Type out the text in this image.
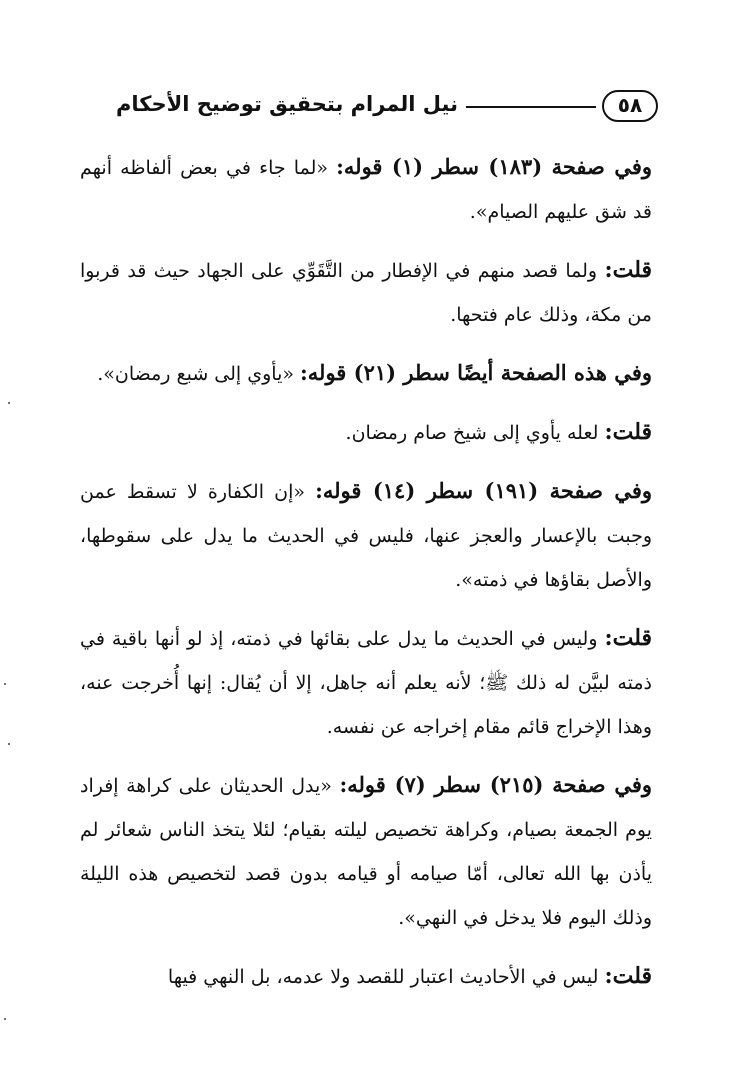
٥٨
نيل المرام بتحقيق توضيح الأحكام

وفي صفحة (١٨٣) سطر (١) قوله: «لما جاء في بعض ألفاظه أنهم قد شق عليهم الصيام».

قلت: ولما قصد منهم في الإفطار من التَّقَوِّي على الجهاد حيث قد قربوا من مكة، وذلك عام فتحها.

وفي هذه الصفحة أيضًا سطر (٢١) قوله: «يأوي إلى شبع رمضان».

قلت: لعله يأوي إلى شيخ صام رمضان.

وفي صفحة (١٩١) سطر (١٤) قوله: «إن الكفارة لا تسقط عمن وجبت بالإعسار والعجز عنها، فليس في الحديث ما يدل على سقوطها، والأصل بقاؤها في ذمته».

قلت: وليس في الحديث ما يدل على بقائها في ذمته، إذ لو أنها باقية في ذمته لبيَّن له ذلك ﷺ؛ لأنه يعلم أنه جاهل، إلا أن يُقال: إنها أُخرجت عنه، وهذا الإخراج قائم مقام إخراجه عن نفسه.

وفي صفحة (٢١٥) سطر (٧) قوله: «يدل الحديثان على كراهة إفراد يوم الجمعة بصيام، وكراهة تخصيص ليلته بقيام؛ لئلا يتخذ الناس شعائر لم يأذن بها الله تعالى، أمّا صيامه أو قيامه بدون قصد لتخصيص هذه الليلة وذلك اليوم فلا يدخل في النهي».

قلت: ليس في الأحاديث اعتبار للقصد ولا عدمه، بل النهي فيها
